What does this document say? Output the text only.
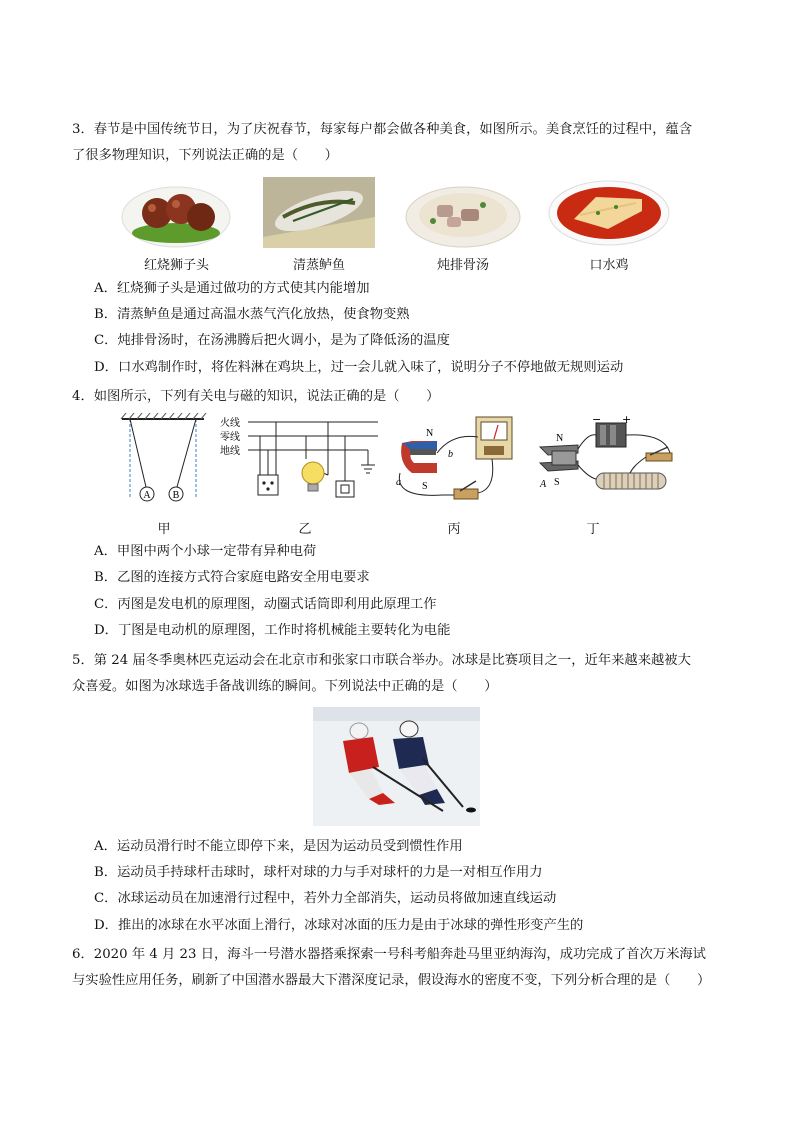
3．春节是中国传统节日，为了庆祝春节，每家每户都会做各种美食，如图所示。美食烹饪的过程中，蕴含
了很多物理知识，下列说法正确的是（　　）
红烧狮子头	清蒸鲈鱼	炖排骨汤	口水鸡
A．红烧狮子头是通过做功的方式使其内能增加
B．清蒸鲈鱼是通过高温水蒸气汽化放热，使食物变熟
C．炖排骨汤时，在汤沸腾后把火调小，是为了降低汤的温度
D．口水鸡制作时，将佐料淋在鸡块上，过一会儿就入味了，说明分子不停地做无规则运动
4．如图所示，下列有关电与磁的知识，说法正确的是（　　）
A B
火线
零线
地线
N
S
a
b
− +
N
S
A
甲	乙	丙	丁
A．甲图中两个小球一定带有异种电荷
B．乙图的连接方式符合家庭电路安全用电要求
C．丙图是发电机的原理图，动圈式话筒即利用此原理工作
D．丁图是电动机的原理图，工作时将机械能主要转化为电能
5．第 24 届冬季奥林匹克运动会在北京市和张家口市联合举办。冰球是比赛项目之一，近年来越来越被大
众喜爱。如图为冰球选手备战训练的瞬间。下列说法中正确的是（　　）
A．运动员滑行时不能立即停下来，是因为运动员受到惯性作用
B．运动员手持球杆击球时，球杆对球的力与手对球杆的力是一对相互作用力
C．冰球运动员在加速滑行过程中，若外力全部消失，运动员将做加速直线运动
D．推出的冰球在水平冰面上滑行，冰球对冰面的压力是由于冰球的弹性形变产生的
6．2020 年 4 月 23 日，海斗一号潜水器搭乘探索一号科考船奔赴马里亚纳海沟，成功完成了首次万米海试
与实验性应用任务，刷新了中国潜水器最大下潜深度记录，假设海水的密度不变，下列分析合理的是（　　）
